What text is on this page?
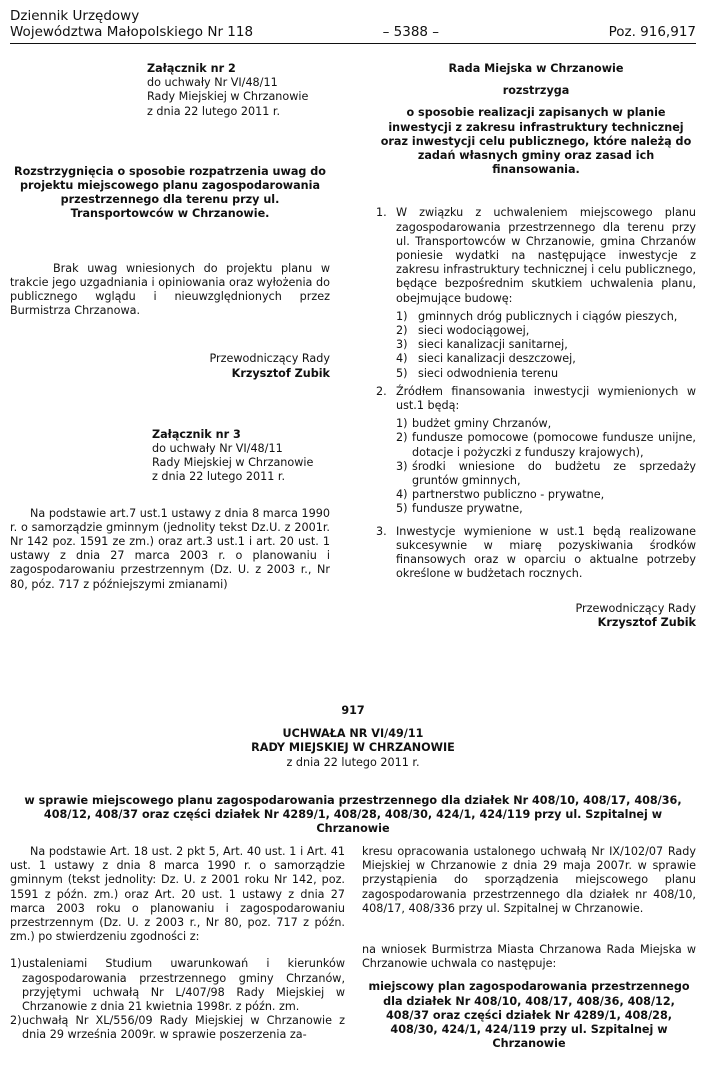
Dziennik Urzędowy
Województwa Małopolskiego Nr 118	– 5388 –	Poz. 916,917

Załącznik nr 2

do uchwały Nr VI/48/11

Rady Miejskiej w Chrzanowie

z dnia 22 lutego 2011 r.

Rozstrzygnięcia o sposobie rozpatrzenia uwag do projektu miejscowego planu zagospodarowania przestrzennego dla terenu przy ul. Transportowców w Chrzanowie.

Brak uwag wniesionych do projektu planu w trakcie jego uzgadniania i opiniowania oraz wyłożenia do publicznego wglądu i nieuwzględnionych przez Burmistrza Chrzanowa.

Przewodniczący Rady

Krzysztof Zubik

Załącznik nr 3

do uchwały Nr VI/48/11

Rady Miejskiej w Chrzanowie

z dnia 22 lutego 2011 r.

Na podstawie art.7 ust.1 ustawy z dnia 8 marca 1990 r. o samorządzie gminnym (jednolity tekst Dz.U. z 2001r. Nr 142 poz. 1591 ze zm.) oraz art.3 ust.1 i art. 20 ust. 1 ustawy z dnia 27 marca 2003 r. o planowaniu i zagospodarowaniu przestrzennym (Dz. U. z 2003 r., Nr 80, póz. 717 z późniejszymi zmianami)

Rada Miejska w Chrzanowie

rozstrzyga

o sposobie realizacji zapisanych w planie inwestycji z zakresu infrastruktury technicznej oraz inwestycji celu publicznego, które należą do zadań własnych gminy oraz zasad ich finansowania.

1. W związku z uchwaleniem miejscowego planu zagospodarowania przestrzennego dla terenu przy ul. Transportowców w Chrzanowie, gmina Chrzanów poniesie wydatki na następujące inwestycje z zakresu infrastruktury technicznej i celu publicznego, będące bezpośrednim skutkiem uchwalenia planu, obejmujące budowę:
1) gminnych dróg publicznych i ciągów pieszych,
2) sieci wodociągowej,
3) sieci kanalizacji sanitarnej,
4) sieci kanalizacji deszczowej,
5) sieci odwodnienia terenu
2. Źródłem finansowania inwestycji wymienionych w ust.1 będą:
1) budżet gminy Chrzanów,
2) fundusze pomocowe (pomocowe fundusze unijne, dotacje i pożyczki z funduszy krajowych),
3) środki wniesione do budżetu ze sprzedaży gruntów gminnych,
4) partnerstwo publiczno - prywatne,
5) fundusze prywatne,
3. Inwestycje wymienione w ust.1 będą realizowane sukcesywnie w miarę pozyskiwania środków finansowych oraz w oparciu o aktualne potrzeby określone w budżetach rocznych.

Przewodniczący Rady

Krzysztof Zubik

917

UCHWAŁA NR VI/49/11

RADY MIEJSKIEJ W CHRZANOWIE

z dnia 22 lutego 2011 r.

w sprawie miejscowego planu zagospodarowania przestrzennego dla działek Nr 408/10, 408/17, 408/36, 408/12, 408/37 oraz części działek Nr 4289/1, 408/28, 408/30, 424/1, 424/119 przy ul. Szpitalnej w Chrzanowie

Na podstawie Art. 18 ust. 2 pkt 5, Art. 40 ust. 1 i Art. 41 ust. 1 ustawy z dnia 8 marca 1990 r. o samorządzie gminnym (tekst jednolity: Dz. U. z 2001 roku Nr 142, poz. 1591 z późn. zm.) oraz Art. 20 ust. 1 ustawy z dnia 27 marca 2003 roku o planowaniu i zagospodarowaniu przestrzennym (Dz. U. z 2003 r., Nr 80, poz. 717 z późn. zm.) po stwierdzeniu zgodności z:

1) ustaleniami Studium uwarunkowań i kierunków zagospodarowania przestrzennego gminy Chrzanów, przyjętymi uchwałą Nr L/407/98 Rady Miejskiej w Chrzanowie z dnia 21 kwietnia 1998r. z późn. zm.
2) uchwałą Nr XL/556/09 Rady Miejskiej w Chrzanowie z dnia 29 września 2009r. w sprawie poszerzenia za-

kresu opracowania ustalonego uchwałą Nr IX/102/07 Rady Miejskiej w Chrzanowie z dnia 29 maja 2007r. w sprawie przystąpienia do sporządzenia miejscowego planu zagospodarowania przestrzennego dla działek nr 408/10, 408/17, 408/336 przy ul. Szpitalnej w Chrzanowie.

na wniosek Burmistrza Miasta Chrzanowa Rada Miejska w Chrzanowie uchwala co następuje:

miejscowy plan zagospodarowania przestrzennego dla działek Nr 408/10, 408/17, 408/36, 408/12, 408/37 oraz części działek Nr 4289/1, 408/28, 408/30, 424/1, 424/119 przy ul. Szpitalnej w Chrzanowie
